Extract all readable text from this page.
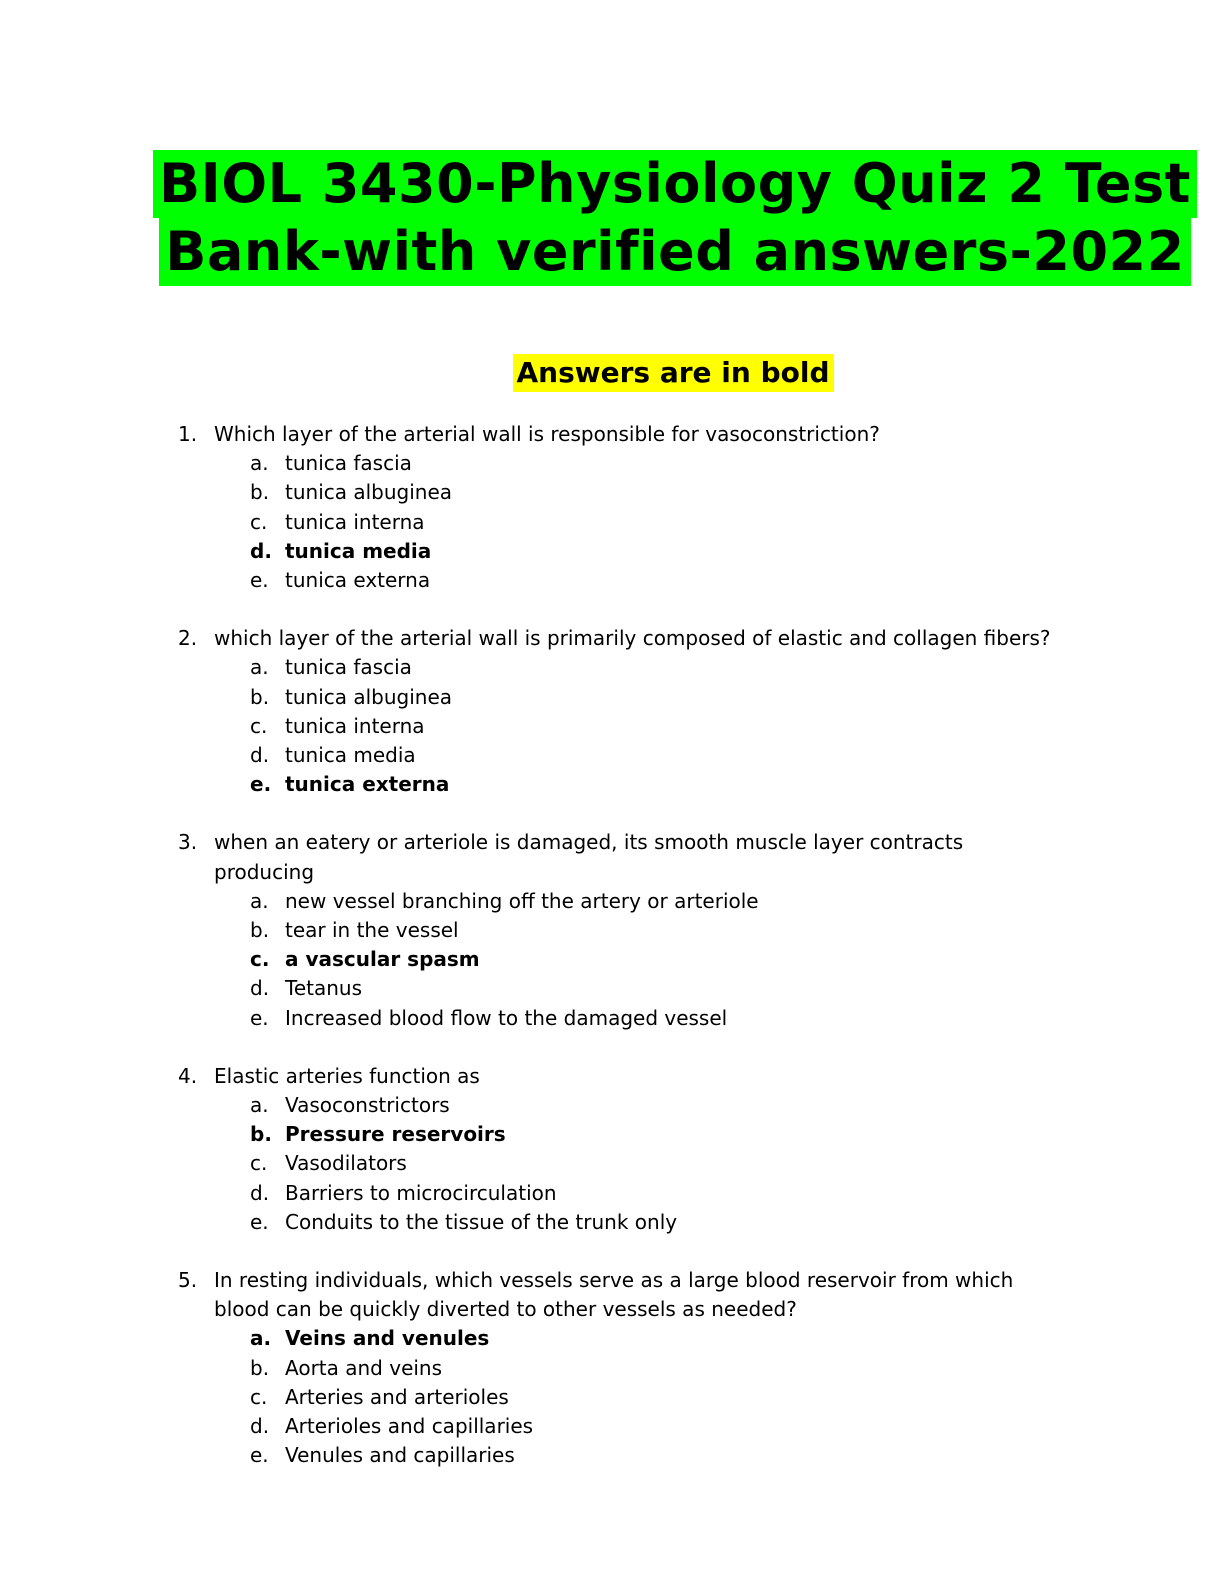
BIOL 3430-Physiology Quiz 2 Test
Bank-with verified answers-2022
Answers are in bold
1. Which layer of the arterial wall is responsible for vasoconstriction?
a. tunica fascia
b. tunica albuginea
c. tunica interna
d. tunica media
e. tunica externa
2. which layer of the arterial wall is primarily composed of elastic and collagen fibers?
a. tunica fascia
b. tunica albuginea
c. tunica interna
d. tunica media
e. tunica externa
3. when an eatery or arteriole is damaged, its smooth muscle layer contracts producing
a. new vessel branching off the artery or arteriole
b. tear in the vessel
c. a vascular spasm
d. Tetanus
e. Increased blood flow to the damaged vessel
4. Elastic arteries function as
a. Vasoconstrictors
b. Pressure reservoirs
c. Vasodilators
d. Barriers to microcirculation
e. Conduits to the tissue of the trunk only
5. In resting individuals, which vessels serve as a large blood reservoir from which blood can be quickly diverted to other vessels as needed?
a. Veins and venules
b. Aorta and veins
c. Arteries and arterioles
d. Arterioles and capillaries
e. Venules and capillaries
